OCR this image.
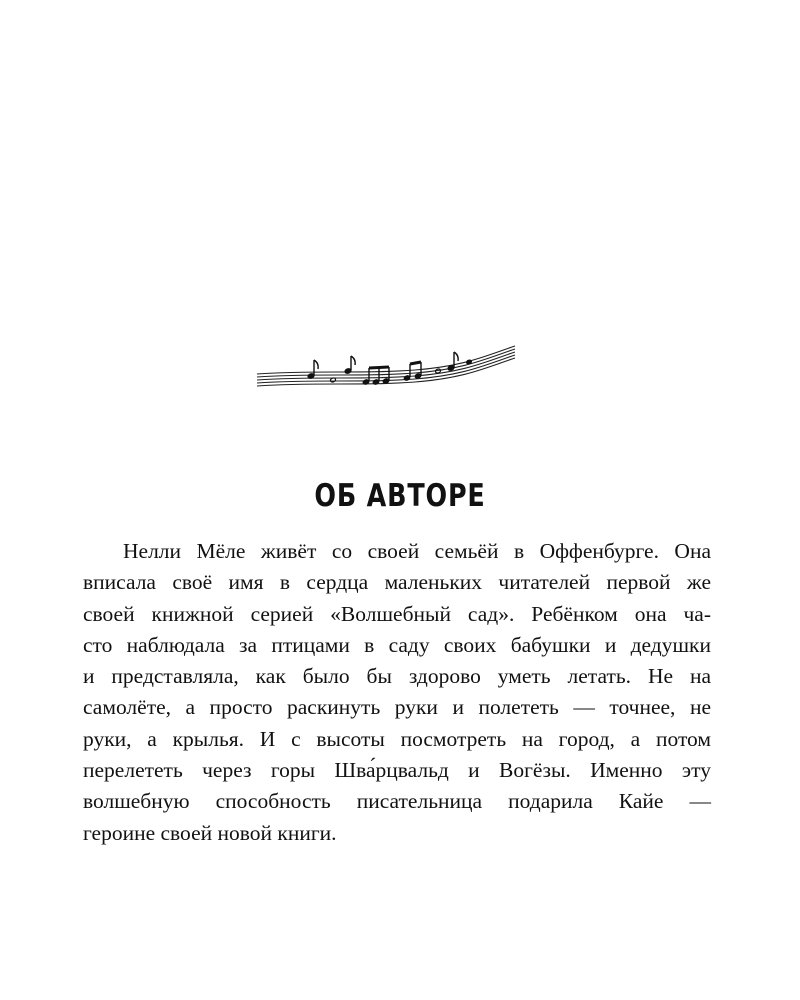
ОБ АВТОРЕ

Нелли Мёле живёт со своей семьёй в Оффенбурге. Она
вписала своё имя в сердца маленьких читателей первой же
своей книжной серией «Волшебный сад». Ребёнком она ча-
сто наблюдала за птицами в саду своих бабушки и дедушки
и представляла, как было бы здорово уметь летать. Не на
самолёте, а просто раскинуть руки и полететь — точнее, не
руки, а крылья. И с высоты посмотреть на город, а потом
перелететь через горы Шва́рцвальд и Вогёзы. Именно эту
волшебную способность писательница подарила Кайе —
героине своей новой книги.
